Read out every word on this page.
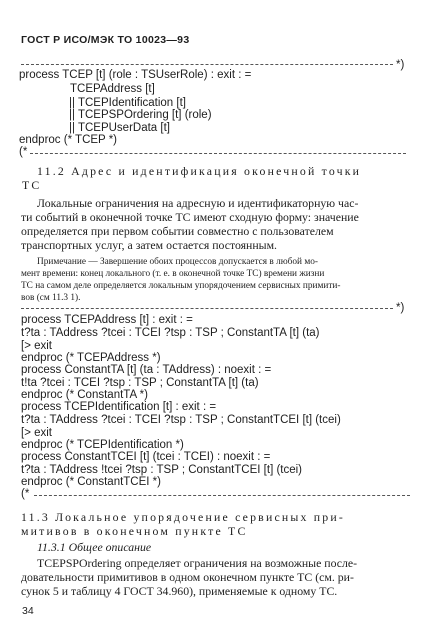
ГОСТ Р ИСО/МЭК ТО 10023—93
*)
process TCEP [t] (role : TSUserRole) : exit : =
TCEPAddress [t]
|| TCEPIdentification [t]
|| TCEPSPOrdering [t] (role)
|| TCEPUserData [t]
endproc (* TCEP *)
(*
11.2 Адрес и идентификация оконечной точки
ТС
Локальные ограничения на адресную и идентификаторную час-
ти событий в оконечной точке ТС имеют сходную форму: значение
определяется при первом событии совместно с пользователем
транспортных услуг, а затем остается постоянным.
Примечание — Завершение обоих процессов допускается в любой мо-
мент времени: конец локального (т. е. в оконечной точке ТС) времени жизни
ТС на самом деле определяется локальным упорядочением сервисных примити-
вов (см 11.3 1).
*)
process TCEPAddress [t] : exit : =
t?ta : TAddress ?tcei : TCEI ?tsp : TSP ; ConstantTA [t] (ta)
[> exit
endproc (* TCEPAddress *)
process ConstantTA [t] (ta : TAddress) : noexit : =
t!ta ?tcei : TCEI ?tsp : TSP ; ConstantTA [t] (ta)
endproc (* ConstantTA *)
process TCEPIdentification [t] : exit : =
t?ta : TAddress ?tcei : TCEI ?tsp : TSP ; ConstantTCEI [t] (tcei)
[> exit
endproc (* TCEPIdentification *)
process ConstantTCEI [t] (tcei : TCEI) : noexit : =
t?ta : TAddress !tcei ?tsp : TSP ; ConstantTCEI [t] (tcei)
endproc (* ConstantTCEI *)
(*
11.3 Локальное упорядочение сервисных при-
митивов в оконечном пункте ТС
11.3.1 Общее описание
TCEPSPOrdering определяет ограничения на возможные после-
довательности примитивов в одном оконечном пункте ТС (см. ри-
сунок 5 и таблицу 4 ГОСТ 34.960), применяемые к одному ТС.
34
